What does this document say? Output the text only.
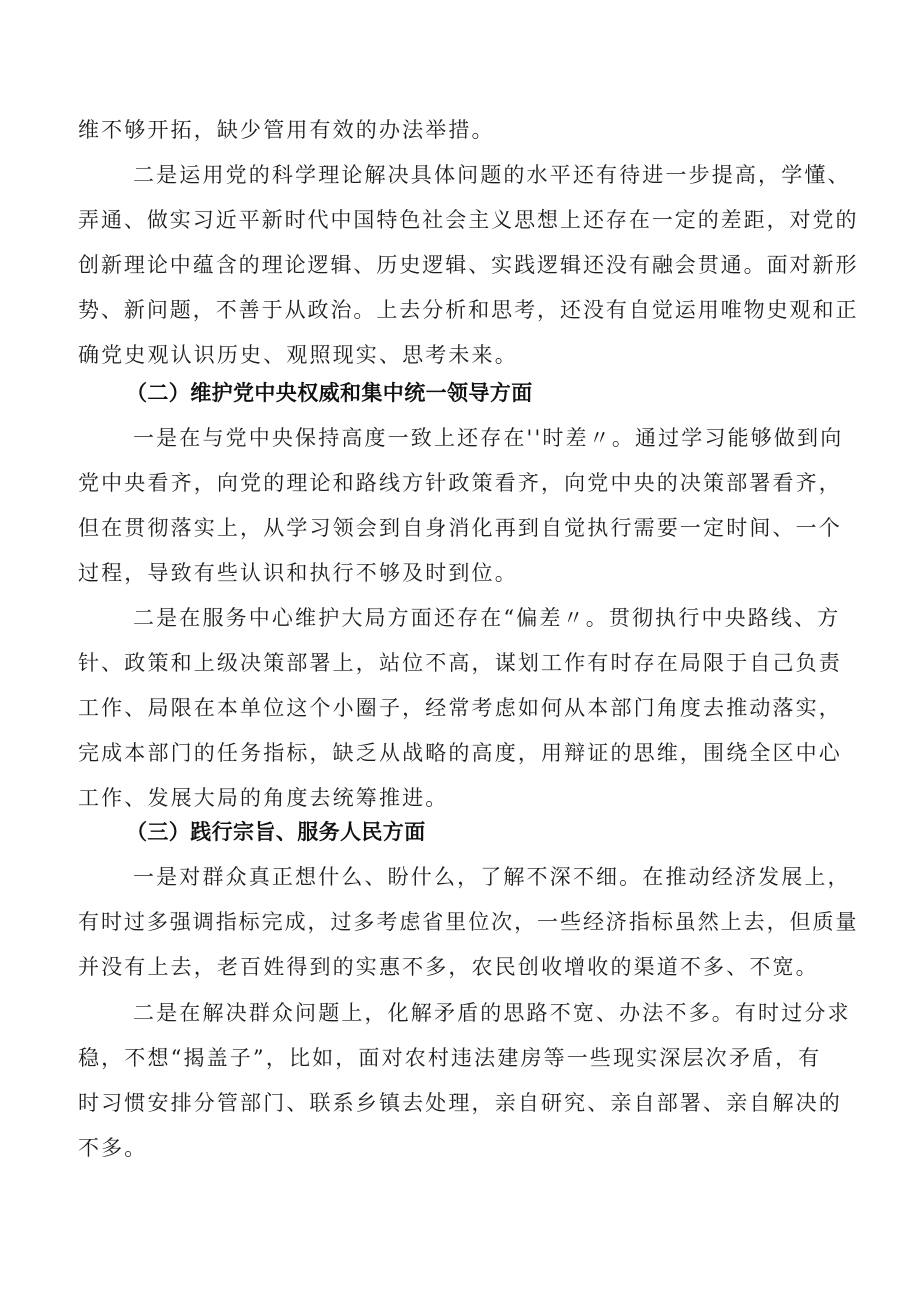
维不够开拓，缺少管用有效的办法举措。

二是运用党的科学理论解决具体问题的水平还有待进一步提高，学懂、

弄通、做实习近平新时代中国特色社会主义思想上还存在一定的差距，对党的

创新理论中蕴含的理论逻辑、历史逻辑、实践逻辑还没有融会贯通。面对新形

势、新问题，不善于从政治。上去分析和思考，还没有自觉运用唯物史观和正

确党史观认识历史、观照现实、思考未来。

（二）维护党中央权威和集中统一领导方面

一是在与党中央保持高度一致上还存在''时差〃。通过学习能够做到向

党中央看齐，向党的理论和路线方针政策看齐，向党中央的决策部署看齐，

但在贯彻落实上，从学习领会到自身消化再到自觉执行需要一定时间、一个

过程，导致有些认识和执行不够及时到位。

二是在服务中心维护大局方面还存在“偏差〃。贯彻执行中央路线、方

针、政策和上级决策部署上，站位不高，谋划工作有时存在局限于自己负责

工作、局限在本单位这个小圈子，经常考虑如何从本部门角度去推动落实，

完成本部门的任务指标，缺乏从战略的高度，用辩证的思维，围绕全区中心

工作、发展大局的角度去统筹推进。

（三）践行宗旨、服务人民方面

一是对群众真正想什么、盼什么，了解不深不细。在推动经济发展上，

有时过多强调指标完成，过多考虑省里位次，一些经济指标虽然上去，但质量

并没有上去，老百姓得到的实惠不多，农民创收增收的渠道不多、不宽。

二是在解决群众问题上，化解矛盾的思路不宽、办法不多。有时过分求

稳，不想“揭盖子”，比如，面对农村违法建房等一些现实深层次矛盾，有

时习惯安排分管部门、联系乡镇去处理，亲自研究、亲自部署、亲自解决的

不多。
